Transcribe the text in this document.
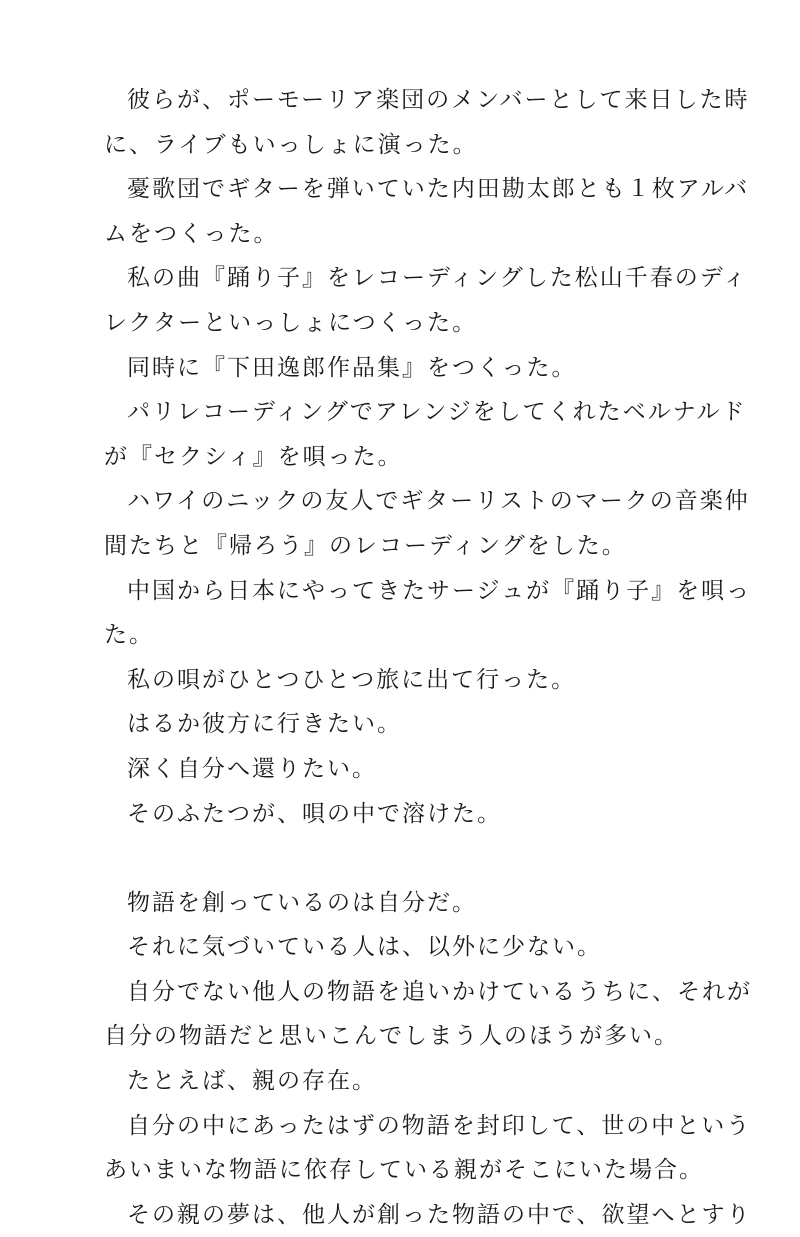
彼らが、ポーモーリア楽団のメンバーとして来日した時
に、ライブもいっしょに演った。
憂歌団でギターを弾いていた内田勘太郎とも１枚アルバ
ムをつくった。
私の曲『踊り子』をレコーディングした松山千春のディ
レクターといっしょにつくった。
同時に『下田逸郎作品集』をつくった。
パリレコーディングでアレンジをしてくれたベルナルド
が『セクシィ』を唄った。
ハワイのニックの友人でギターリストのマークの音楽仲
間たちと『帰ろう』のレコーディングをした。
中国から日本にやってきたサージュが『踊り子』を唄っ
た。
私の唄がひとつひとつ旅に出て行った。
はるか彼方に行きたい。
深く自分へ還りたい。
そのふたつが、唄の中で溶けた。
物語を創っているのは自分だ。
それに気づいている人は、以外に少ない。
自分でない他人の物語を追いかけているうちに、それが
自分の物語だと思いこんでしまう人のほうが多い。
たとえば、親の存在。
自分の中にあったはずの物語を封印して、世の中という
あいまいな物語に依存している親がそこにいた場合。
その親の夢は、他人が創った物語の中で、欲望へとすり
